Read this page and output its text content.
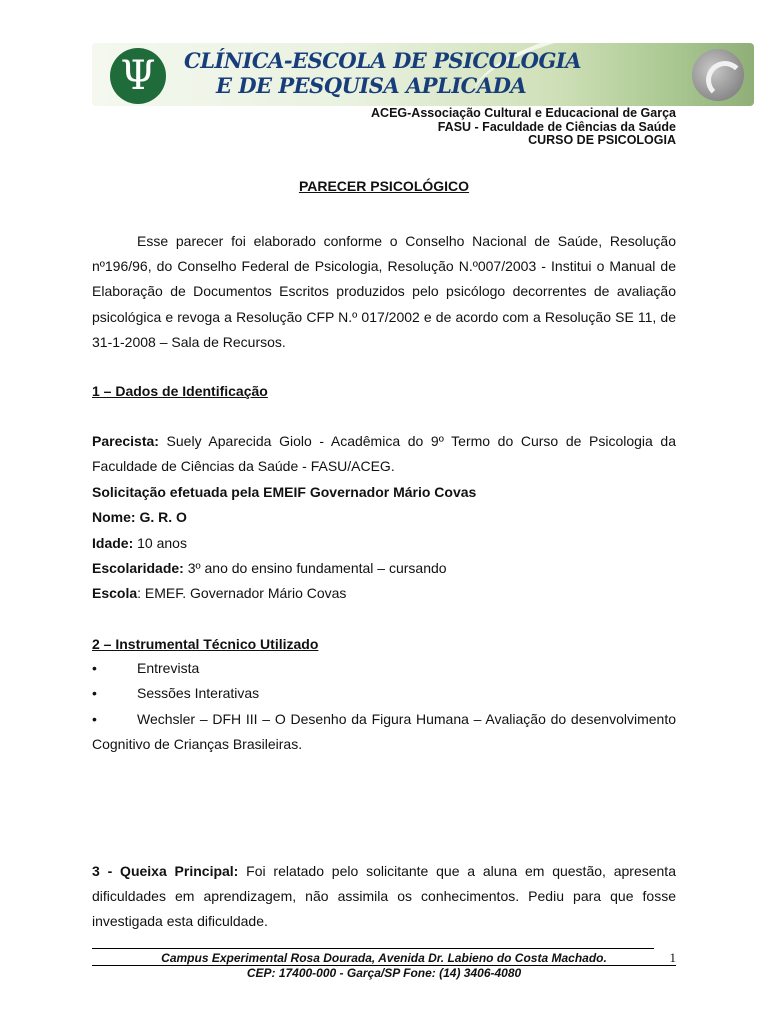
Ψ	CLÍNICA-ESCOLA DE PSICOLOGIA
E DE PESQUISA APLICADA
ACEG-Associação Cultural e Educacional de Garça
FASU - Faculdade de Ciências da Saúde
CURSO DE PSICOLOGIA
PARECER PSICOLÓGICO
Esse parecer foi elaborado conforme o Conselho Nacional de Saúde, Resolução nº196/96, do Conselho Federal de Psicologia, Resolução N.º007/2003 - Institui o Manual de Elaboração de Documentos Escritos produzidos pelo psicólogo decorrentes de avaliação psicológica e revoga a Resolução CFP N.º 017/2002 e de acordo com a Resolução SE 11, de 31-1-2008 – Sala de Recursos.
1 – Dados de Identificação
Parecista: Suely Aparecida Giolo - Acadêmica do 9º Termo do Curso de Psicologia da Faculdade de Ciências da Saúde - FASU/ACEG.
Solicitação efetuada pela EMEIF Governador Mário Covas
Nome: G. R. O
Idade: 10 anos
Escolaridade: 3º ano do ensino fundamental – cursando
Escola: EMEF. Governador Mário Covas
2 – Instrumental Técnico Utilizado
•	Entrevista
•	Sessões Interativas
•	Wechsler – DFH III – O Desenho da Figura Humana – Avaliação do desenvolvimento Cognitivo de Crianças Brasileiras.
3 - Queixa Principal: Foi relatado pelo solicitante que a aluna em questão, apresenta dificuldades em aprendizagem, não assimila os conhecimentos. Pediu para que fosse investigada esta dificuldade.
Campus Experimental Rosa Dourada, Avenida Dr. Labieno do Costa Machado.	1
CEP: 17400-000 - Garça/SP Fone: (14) 3406-4080
